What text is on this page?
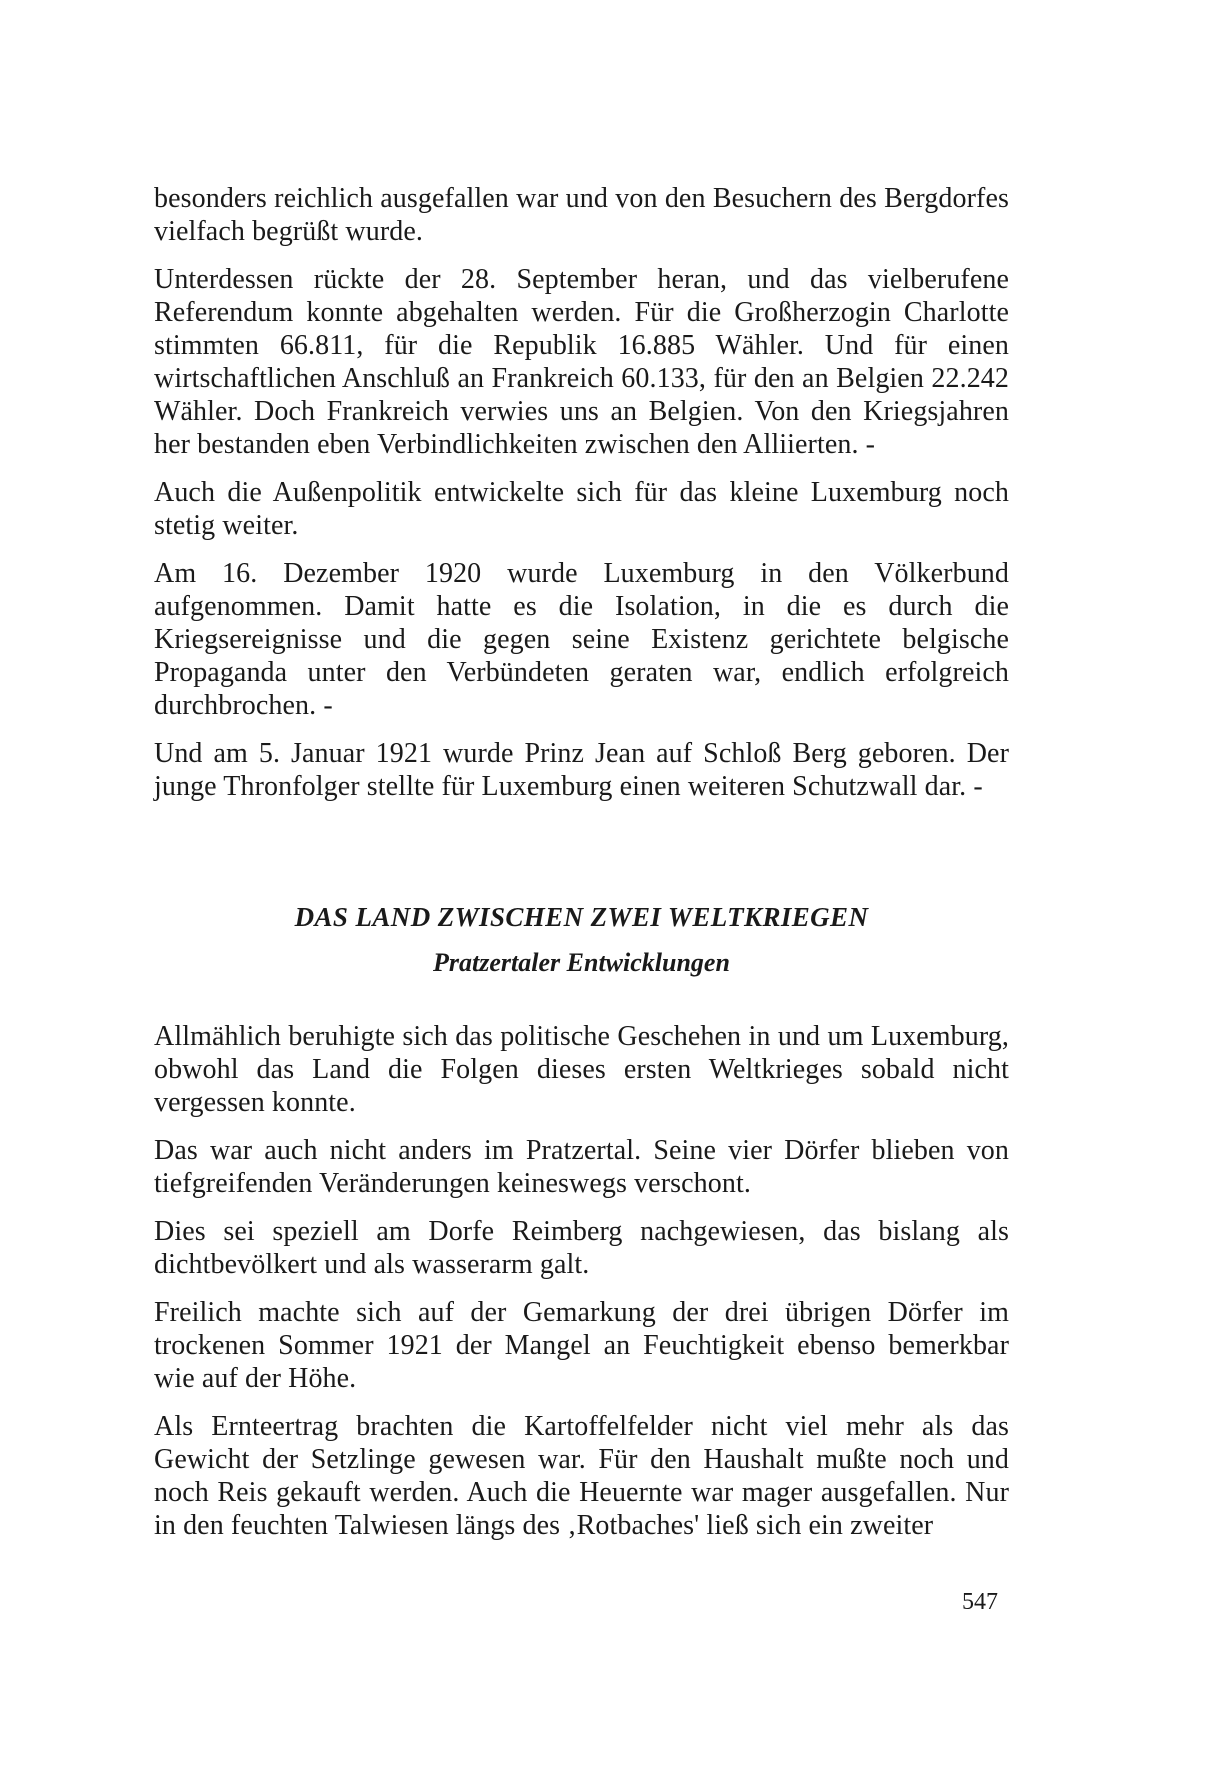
besonders reichlich ausgefallen war und von den Besuchern des Bergdorfes vielfach begrüßt wurde.

Unterdessen rückte der 28. September heran, und das vielberufene Referendum konnte abgehalten werden. Für die Großherzogin Charlotte stimmten 66.811, für die Republik 16.885 Wähler. Und für einen wirtschaftlichen Anschluß an Frankreich 60.133, für den an Belgien 22.242 Wähler. Doch Frankreich verwies uns an Belgien. Von den Kriegsjahren her bestanden eben Verbindlichkeiten zwischen den Alliierten. -

Auch die Außenpolitik entwickelte sich für das kleine Luxemburg noch stetig weiter.

Am 16. Dezember 1920 wurde Luxemburg in den Völkerbund aufgenommen. Damit hatte es die Isolation, in die es durch die Kriegsereignisse und die gegen seine Existenz gerichtete belgische Propaganda unter den Verbündeten geraten war, endlich erfolgreich durchbrochen. -

Und am 5. Januar 1921 wurde Prinz Jean auf Schloß Berg geboren. Der junge Thronfolger stellte für Luxemburg einen weiteren Schutzwall dar. -

DAS LAND ZWISCHEN ZWEI WELTKRIEGEN
Pratzertaler Entwicklungen

Allmählich beruhigte sich das politische Geschehen in und um Luxemburg, obwohl das Land die Folgen dieses ersten Weltkrieges sobald nicht vergessen konnte.

Das war auch nicht anders im Pratzertal. Seine vier Dörfer blieben von tiefgreifenden Veränderungen keineswegs verschont.

Dies sei speziell am Dorfe Reimberg nachgewiesen, das bislang als dichtbevölkert und als wasserarm galt.

Freilich machte sich auf der Gemarkung der drei übrigen Dörfer im trockenen Sommer 1921 der Mangel an Feuchtigkeit ebenso bemerkbar wie auf der Höhe.

Als Ernteertrag brachten die Kartoffelfelder nicht viel mehr als das Gewicht der Setzlinge gewesen war. Für den Haushalt mußte noch und noch Reis gekauft werden. Auch die Heuernte war mager ausgefallen. Nur in den feuchten Talwiesen längs des ‚Rotbaches' ließ sich ein zweiter

547
